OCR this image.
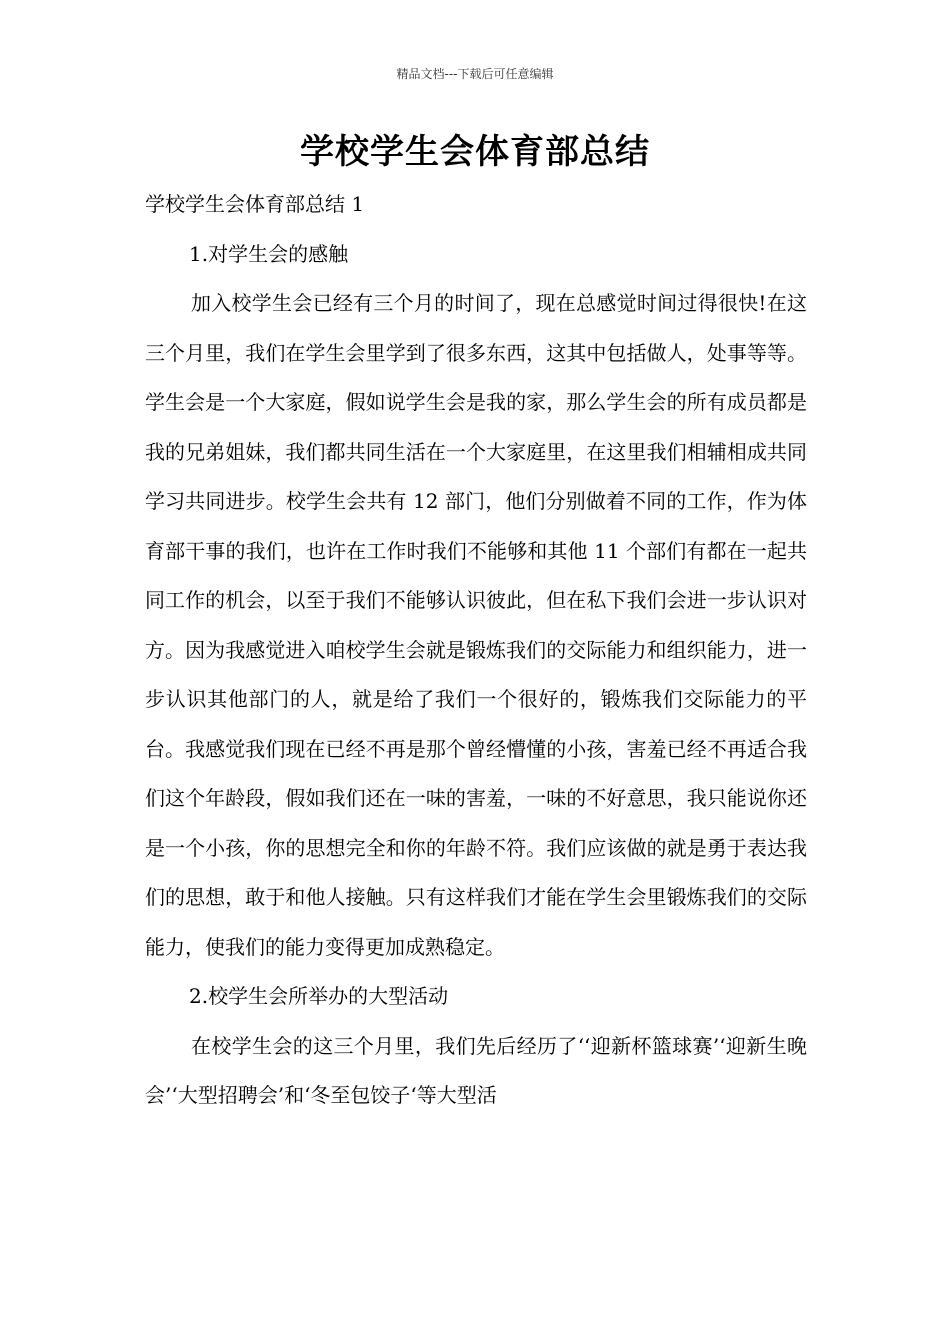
精品文档---下载后可任意编辑
学校学生会体育部总结

学校学生会体育部总结 1

1.对学生会的感触

加入校学生会已经有三个月的时间了，现在总感觉时间过得很快!在这三个月里，我们在学生会里学到了很多东西，这其中包括做人，处事等等。学生会是一个大家庭，假如说学生会是我的家，那么学生会的所有成员都是我的兄弟姐妹，我们都共同生活在一个大家庭里，在这里我们相辅相成共同学习共同进步。校学生会共有 12 部门，他们分别做着不同的工作，作为体育部干事的我们，也许在工作时我们不能够和其他 11 个部们有都在一起共同工作的机会，以至于我们不能够认识彼此，但在私下我们会进一步认识对方。因为我感觉进入咱校学生会就是锻炼我们的交际能力和组织能力，进一步认识其他部门的人，就是给了我们一个很好的，锻炼我们交际能力的平台。我感觉我们现在已经不再是那个曾经懵懂的小孩，害羞已经不再适合我们这个年龄段，假如我们还在一味的害羞，一味的不好意思，我只能说你还是一个小孩，你的思想完全和你的年龄不符。我们应该做的就是勇于表达我们的思想，敢于和他人接触。只有这样我们才能在学生会里锻炼我们的交际能力，使我们的能力变得更加成熟稳定。

2.校学生会所举办的大型活动

在校学生会的这三个月里，我们先后经历了‘‘迎新杯篮球赛’‘迎新生晚会’‘大型招聘会’和‘冬至包饺子‘等大型活
